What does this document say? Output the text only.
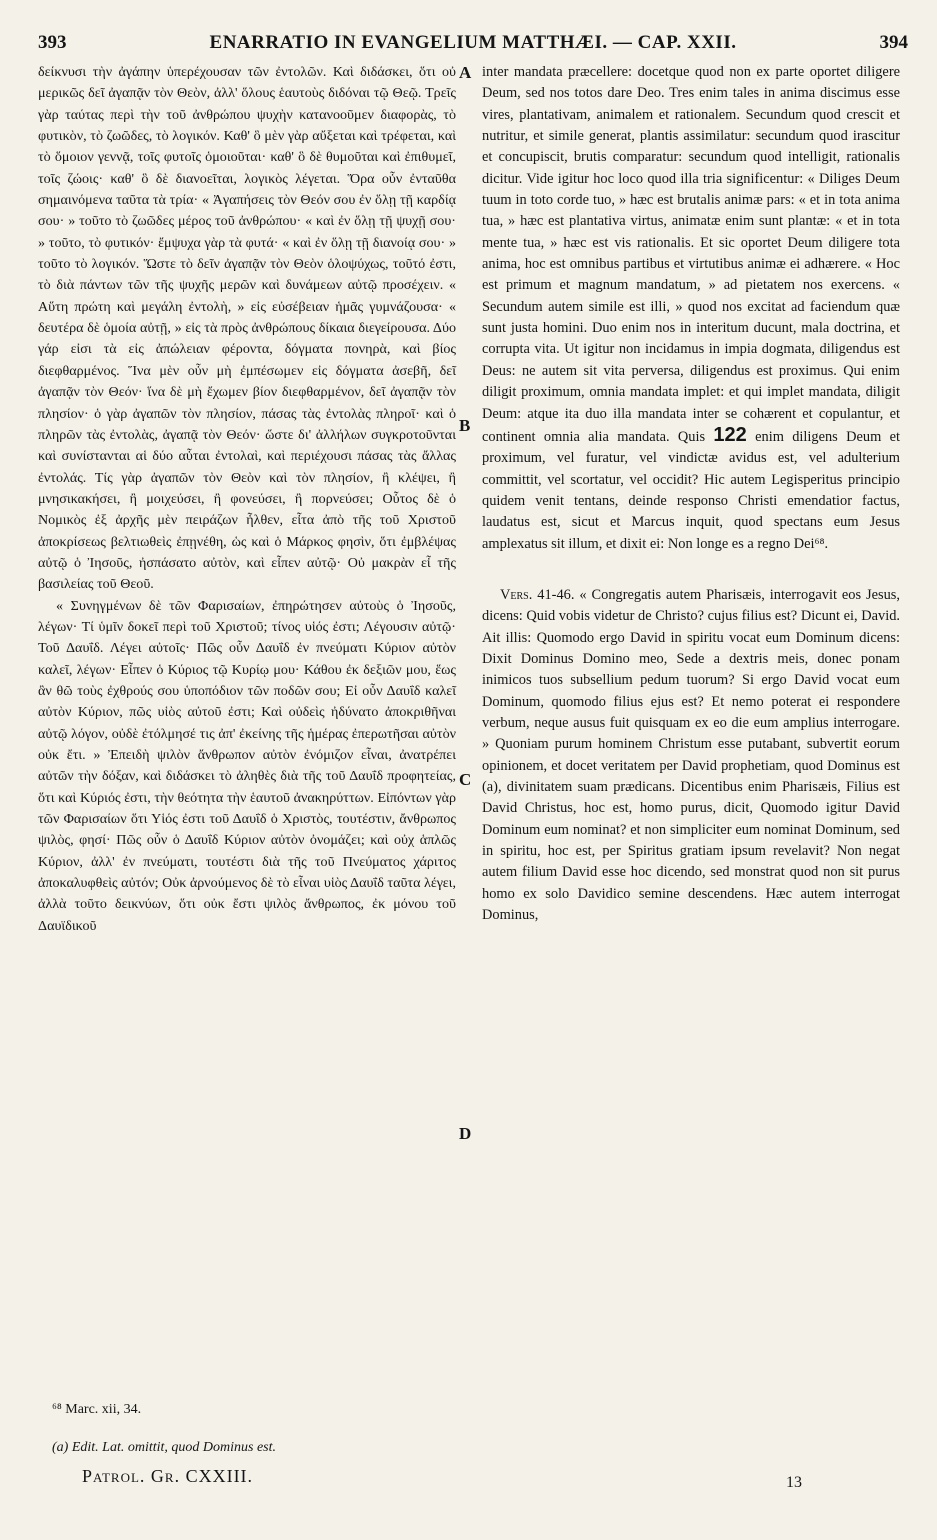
393	ENARRATIO IN EVANGELIUM MATTHÆI. — CAP. XXII.	394

δείκνυσι τὴν ἀγάπην ὑπερέχουσαν τῶν ἐντολῶν. Καὶ διδάσκει, ὅτι οὐ μερικῶς δεῖ ἀγαπᾷν τὸν Θεὸν, ἀλλ' ὅλους ἑαυτοὺς διδόναι τῷ Θεῷ. Τρεῖς γὰρ ταύτας περὶ τὴν τοῦ ἀνθρώπου ψυχὴν κατανοοῦμεν διαφορὰς, τὸ φυτικὸν, τὸ ζωῶδες, τὸ λογικόν. Καθ' ὃ μὲν γὰρ αὔξεται καὶ τρέφεται, καὶ τὸ ὅμοιον γεννᾷ, τοῖς φυτοῖς ὁμοιοῦται· καθ' ὃ δὲ θυμοῦται καὶ ἐπιθυμεῖ, τοῖς ζώοις· καθ' ὃ δὲ διανοεῖται, λογικὸς λέγεται. Ὅρα οὖν ἐνταῦθα σημαινόμενα ταῦτα τὰ τρία· « Ἀγαπήσεις τὸν Θεόν σου ἐν ὅλῃ τῇ καρδίᾳ σου· » τοῦτο τὸ ζωῶδες μέρος τοῦ ἀνθρώπου· « καὶ ἐν ὅλῃ τῇ ψυχῇ σου· » τοῦτο, τὸ φυτικόν· ἔμψυχα γὰρ τὰ φυτά· « καὶ ἐν ὅλῃ τῇ διανοίᾳ σου· » τοῦτο τὸ λογικόν. Ὥστε τὸ δεῖν ἀγαπᾷν τὸν Θεὸν ὁλοψύχως, τοῦτό ἐστι, τὸ διὰ πάντων τῶν τῆς ψυχῆς μερῶν καὶ δυνάμεων αὐτῷ προσέχειν. « Αὕτη πρώτη καὶ μεγάλη ἐντολὴ, » εἰς εὐσέβειαν ἡμᾶς γυμνάζουσα· « δευτέρα δὲ ὁμοία αὐτῇ, » εἰς τὰ πρὸς ἀνθρώπους δίκαια διεγείρουσα. Δύο γάρ εἰσι τὰ εἰς ἀπώλειαν φέροντα, δόγματα πονηρὰ, καὶ βίος διεφθαρμένος. Ἵνα μὲν οὖν μὴ ἐμπέσωμεν εἰς δόγματα ἀσεβῆ, δεῖ ἀγαπᾷν τὸν Θεόν· ἵνα δὲ μὴ ἔχωμεν βίον διεφθαρμένον, δεῖ ἀγαπᾷν τὸν πλησίον· ὁ γὰρ ἀγαπῶν τὸν πλησίον, πάσας τὰς ἐντολὰς πληροῖ· καὶ ὁ πληρῶν τὰς ἐντολὰς, ἀγαπᾷ τὸν Θεόν· ὥστε δι' ἀλλήλων συγκροτοῦνται καὶ συνίστανται αἱ δύο αὗται ἐντολαὶ, καὶ περιέχουσι πάσας τὰς ἄλλας ἐντολάς. Τίς γὰρ ἀγαπῶν τὸν Θεὸν καὶ τὸν πλησίον, ἢ κλέψει, ἢ μνησικακήσει, ἢ μοιχεύσει, ἢ φονεύσει, ἢ πορνεύσει; Οὗτος δὲ ὁ Νομικὸς ἐξ ἀρχῆς μὲν πειράζων ἦλθεν, εἶτα ἀπὸ τῆς τοῦ Χριστοῦ ἀποκρίσεως βελτιωθεὶς ἐπῃνέθη, ὡς καὶ ὁ Μάρκος φησὶν, ὅτι ἐμβλέψας αὐτῷ ὁ Ἰησοῦς, ἠσπάσατο αὐτὸν, καὶ εἶπεν αὐτῷ· Οὐ μακρὰν εἶ τῆς βασιλείας τοῦ Θεοῦ.

« Συνηγμένων δὲ τῶν Φαρισαίων, ἐπηρώτησεν αὐτοὺς ὁ Ἰησοῦς, λέγων· Τί ὑμῖν δοκεῖ περὶ τοῦ Χριστοῦ; τίνος υἱός ἐστι; Λέγουσιν αὐτῷ· Τοῦ Δαυΐδ. Λέγει αὐτοῖς· Πῶς οὖν Δαυΐδ ἐν πνεύματι Κύριον αὐτὸν καλεῖ, λέγων· Εἶπεν ὁ Κύριος τῷ Κυρίῳ μου· Κάθου ἐκ δεξιῶν μου, ἕως ἂν θῶ τοὺς ἐχθρούς σου ὑποπόδιον τῶν ποδῶν σου; Εἰ οὖν Δαυΐδ καλεῖ αὐτὸν Κύριον, πῶς υἱὸς αὐτοῦ ἐστι; Καὶ οὐδεὶς ἠδύνατο ἀποκριθῆναι αὐτῷ λόγον, οὐδὲ ἐτόλμησέ τις ἀπ' ἐκείνης τῆς ἡμέρας ἐπερωτῆσαι αὐτὸν οὐκ ἔτι. » Ἐπειδὴ ψιλὸν ἄνθρωπον αὐτὸν ἐνόμιζον εἶναι, ἀνατρέπει αὐτῶν τὴν δόξαν, καὶ διδάσκει τὸ ἀληθὲς διὰ τῆς τοῦ Δαυΐδ προφητείας, ὅτι καὶ Κύριός ἐστι, τὴν θεότητα τὴν ἑαυτοῦ ἀνακηρύττων. Εἰπόντων γὰρ τῶν Φαρισαίων ὅτι Υἱός ἐστι τοῦ Δαυΐδ ὁ Χριστὸς, τουτέστιν, ἄνθρωπος ψιλὸς, φησί· Πῶς οὖν ὁ Δαυΐδ Κύριον αὐτὸν ὀνομάζει; καὶ οὐχ ἁπλῶς Κύριον, ἀλλ' ἐν πνεύματι, τουτέστι διὰ τῆς τοῦ Πνεύματος χάριτος ἀποκαλυφθεὶς αὐτόν; Οὐκ ἀρνούμενος δὲ τὸ εἶναι υἱὸς Δαυΐδ ταῦτα λέγει, ἀλλὰ τοῦτο δεικνύων, ὅτι οὐκ ἔστι ψιλὸς ἄνθρωπος, ἐκ μόνου τοῦ Δαυϊδικοῦ

A
B
C
D

inter mandata præcellere: docetque quod non ex parte oportet diligere Deum, sed nos totos dare Deo. Tres enim tales in anima discimus esse vires, plantativam, animalem et rationalem. Secundum quod crescit et nutritur, et simile generat, plantis assimilatur: secundum quod irascitur et concupiscit, brutis comparatur: secundum quod intelligit, rationalis dicitur. Vide igitur hoc loco quod illa tria significentur: « Diliges Deum tuum in toto corde tuo, » hæc est brutalis animæ pars: « et in tota anima tua, » hæc est plantativa virtus, animatæ enim sunt plantæ: « et in tota mente tua, » hæc est vis rationalis. Et sic oportet Deum diligere tota anima, hoc est omnibus partibus et virtutibus animæ ei adhærere. « Hoc est primum et magnum mandatum, » ad pietatem nos exercens. « Secundum autem simile est illi, » quod nos excitat ad faciendum quæ sunt justa homini. Duo enim nos in interitum ducunt, mala doctrina, et corrupta vita. Ut igitur non incidamus in impia dogmata, diligendus est Deus: ne autem sit vita perversa, diligendus est proximus. Qui enim diligit proximum, omnia mandata implet: et qui implet mandata, diligit Deum: atque ita duo illa mandata inter se cohærent et copulantur, et continent omnia alia mandata. Quis 122 enim diligens Deum et proximum, vel furatur, vel vindictæ avidus est, vel adulterium committit, vel scortatur, vel occidit? Hic autem Legisperitus principio quidem venit tentans, deinde responso Christi emendatior factus, laudatus est, sicut et Marcus inquit, quod spectans eum Jesus amplexatus sit illum, et dixit ei: Non longe es a regno Dei⁶⁸.

Vers. 41-46. « Congregatis autem Pharisæis, interrogavit eos Jesus, dicens: Quid vobis videtur de Christo? cujus filius est? Dicunt ei, David. Ait illis: Quomodo ergo David in spiritu vocat eum Dominum dicens: Dixit Dominus Domino meo, Sede a dextris meis, donec ponam inimicos tuos subsellium pedum tuorum? Si ergo David vocat eum Dominum, quomodo filius ejus est? Et nemo poterat ei respondere verbum, neque ausus fuit quisquam ex eo die eum amplius interrogare. » Quoniam purum hominem Christum esse putabant, subvertit eorum opinionem, et docet veritatem per David prophetiam, quod Dominus est (a), divinitatem suam prædicans. Dicentibus enim Pharisæis, Filius est David Christus, hoc est, homo purus, dicit, Quomodo igitur David Dominum eum nominat? et non simpliciter eum nominat Dominum, sed in spiritu, hoc est, per Spiritus gratiam ipsum revelavit? Non negat autem filium David esse hoc dicendo, sed monstrat quod non sit purus homo ex solo Davidico semine descendens. Hæc autem interrogat Dominus,

⁶⁸ Marc. xii, 34.
(a) Edit. Lat. omittit, quod Dominus est.
Patrol. Gr. CXXIII.	13
